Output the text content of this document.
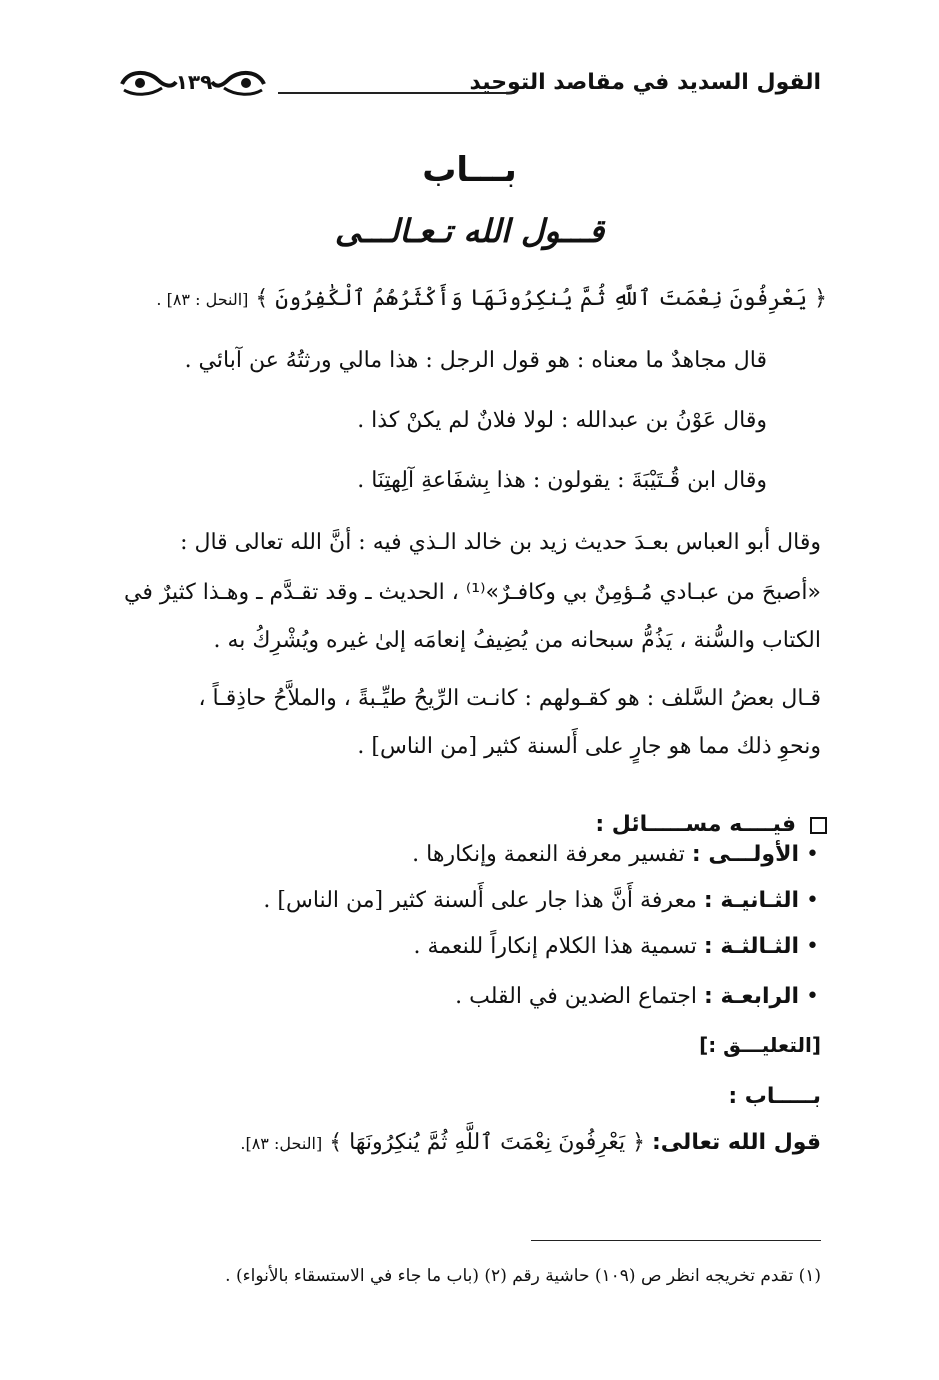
القول السديد في مقاصد التوحيد
١٣٩
بـــاب
قـــول الله تـعـالـــى
﴿ يَعْرِفُونَ نِعْمَتَ ٱللَّهِ ثُمَّ يُنكِرُونَهَا وَأَكْثَرُهُمُ ٱلْكَٰفِرُونَ ﴾ [النحل : ٨٣] .
قال مجاهدٌ ما معناه : هو قول الرجل : هذا مالي ورثتُهُ عن آبائي .
وقال عَوْنُ بن عبدالله : لولا فلانٌ لم يكنْ كذا .
وقال ابن قُـتَيْبَةَ : يقولون : هذا بِشفَاعةِ آلِهتِنَا .
وقال أبو العباس بعـدَ حديث زيد بن خالد الـذي فيه : أنَّ الله تعالى قال :
«أصبحَ من عبـادي مُـؤمِنٌ بي وكافـرٌ»⁽¹⁾ ، الحديث ـ وقد تقـدَّم ـ وهـذا كثيرٌ في
الكتاب والسُّنة ، يَذُمُّ سبحانه من يُضِيفُ إنعامَه إلىٰ غيره ويُشْرِكُ به .
قـال بعضُ السَّلف : هو كقـولهم : كانـت الرِّيحُ طيِّـبةً ، والملاَّحُ حاذِقـاً ،
ونحوِ ذلك مما هو جارٍ على أَلسنة كثير [من الناس] .
فيــــه مســـــائل :
• الأولـــى : تفسير معرفة النعمة وإنكارها .
• الثـانيـة : معرفة أَنَّ هذا جار على أَلسنة كثير [من الناس] .
• الثـالثـة : تسمية هذا الكلام إنكاراً للنعمة .
• الرابعـة : اجتماع الضدين في القلب .
[التعليـــق :]
بـــــاب :
قول الله تعالى: ﴿ يَعْرِفُونَ نِعْمَتَ ٱللَّهِ ثُمَّ يُنكِرُونَهَا ﴾ [النحل: ٨٣].
(١) تقدم تخريجه انظر ص (١٠٩) حاشية رقم (٢) (باب ما جاء في الاستسقاء بالأنواء) .
